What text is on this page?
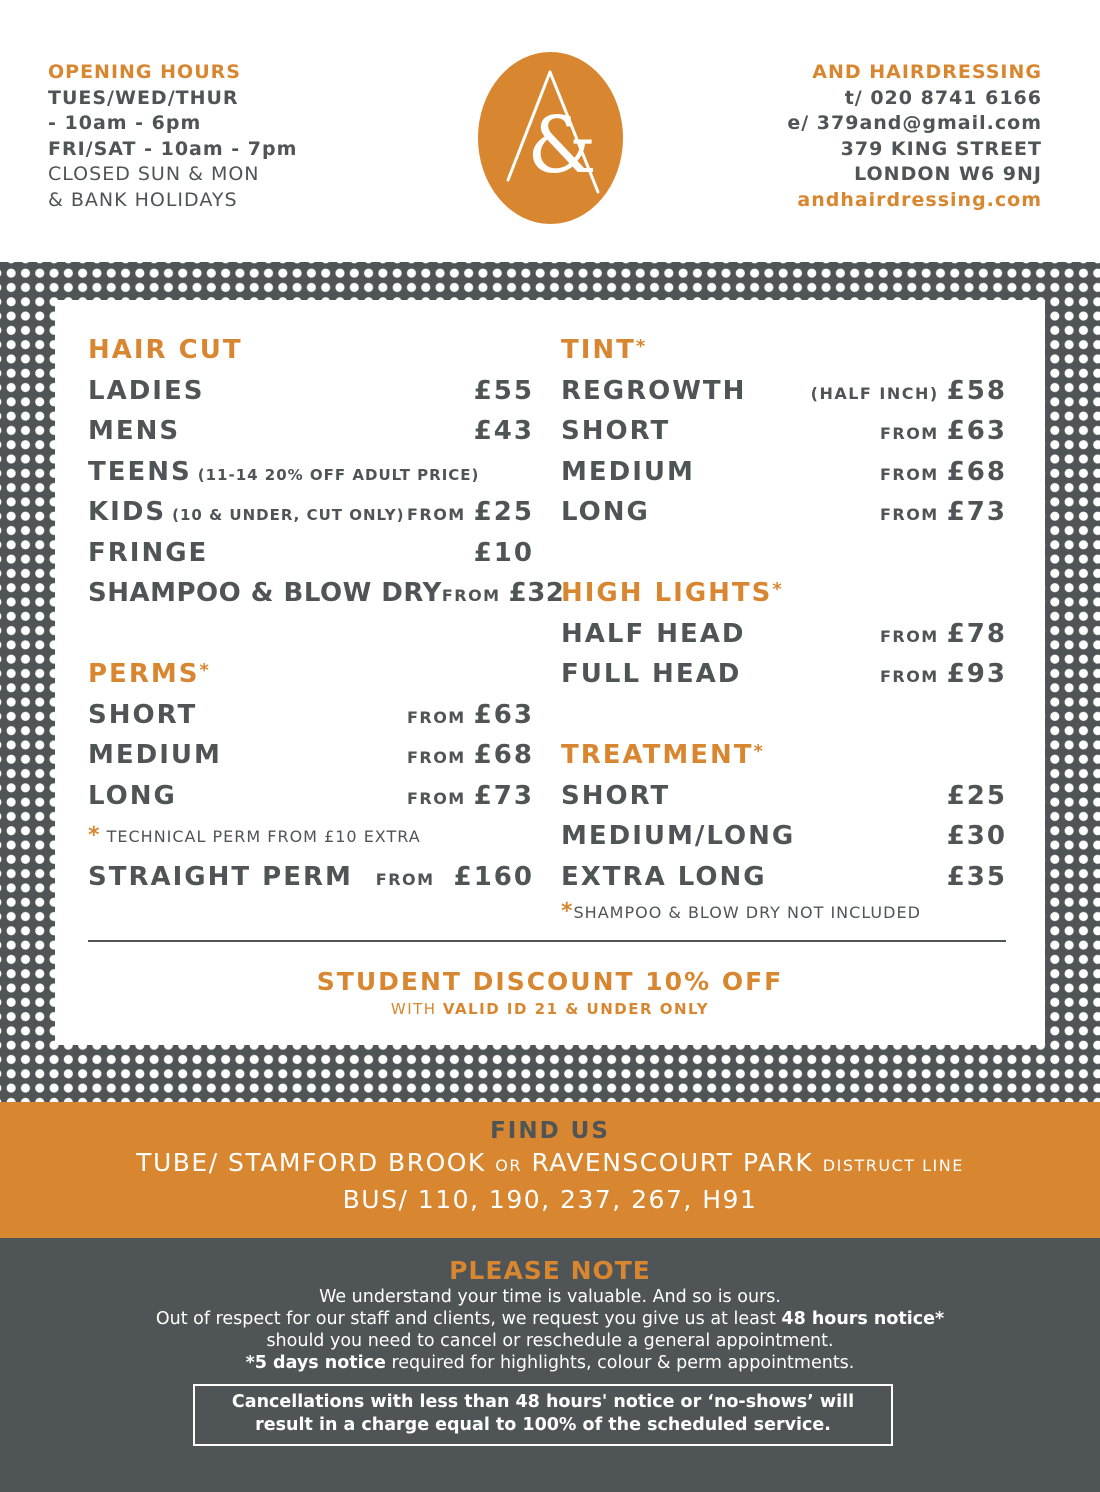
OPENING HOURS
TUES/WED/THUR
- 10am - 6pm
FRI/SAT - 10am - 7pm
CLOSED SUN & MON
& BANK HOLIDAYS
&
AND HAIRDRESSING
t/ 020 8741 6166
e/ 379and@gmail.com
379 KING STREET
LONDON W6 9NJ
andhairdressing.com
HAIR CUT
LADIES	£55
MENS	£43
TEENS (11-14 20% OFF ADULT PRICE)
KIDS (10 & UNDER, CUT ONLY) FROM £25
FRINGE	£10
SHAMPOO & BLOW DRY FROM £32
PERMS*
SHORT	FROM £63
MEDIUM	FROM £68
LONG	FROM £73
* TECHNICAL PERM FROM £10 EXTRA
STRAIGHT PERM FROM £160
TINT*
REGROWTH	(HALF INCH) £58
SHORT	FROM £63
MEDIUM	FROM £68
LONG	FROM £73
HIGH LIGHTS*
HALF HEAD	FROM £78
FULL HEAD	FROM £93
TREATMENT*
SHORT	£25
MEDIUM/LONG	£30
EXTRA LONG	£35
*SHAMPOO & BLOW DRY NOT INCLUDED
STUDENT DISCOUNT 10% OFF
WITH VALID ID 21 & UNDER ONLY
FIND US
TUBE/ STAMFORD BROOK OR RAVENSCOURT PARK DISTRUCT LINE
BUS/ 110, 190, 237, 267, H91
PLEASE NOTE

We understand your time is valuable. And so is ours.

Out of respect for our staff and clients, we request you give us at least 48 hours notice*

should you need to cancel or reschedule a general appointment.

*5 days notice required for highlights, colour & perm appointments.

Cancellations with less than 48 hours' notice or ‘no-shows’ will
result in a charge equal to 100% of the scheduled service.
